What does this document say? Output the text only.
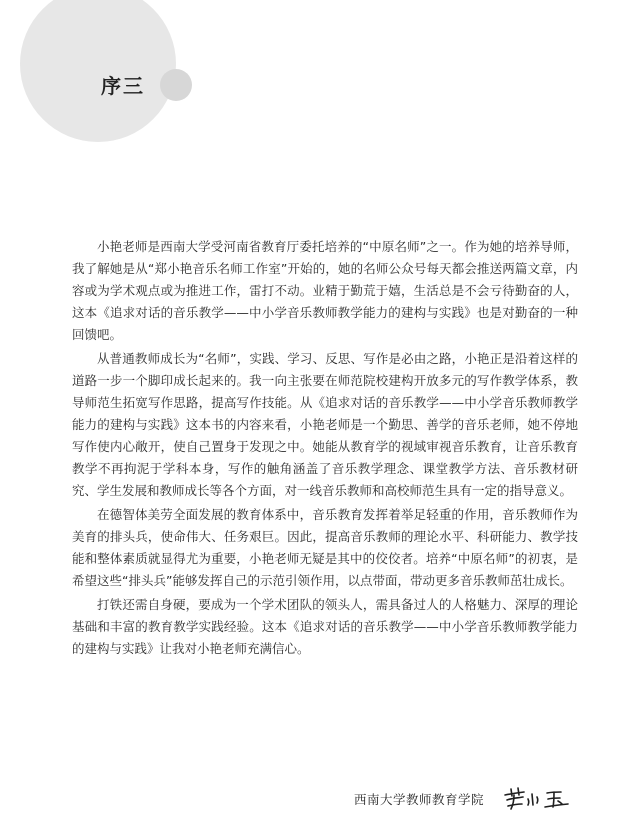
序三

小艳老师是西南大学受河南省教育厅委托培养的“中原名师”之一。作为她的培养导师，我了解她是从“郑小艳音乐名师工作室”开始的，她的名师公众号每天都会推送两篇文章，内容或为学术观点或为推进工作，雷打不动。业精于勤荒于嬉，生活总是不会亏待勤奋的人，这本《追求对话的音乐教学——中小学音乐教师教学能力的建构与实践》也是对勤奋的一种回馈吧。

从普通教师成长为“名师”，实践、学习、反思、写作是必由之路，小艳正是沿着这样的道路一步一个脚印成长起来的。我一向主张要在师范院校建构开放多元的写作教学体系，教导师范生拓宽写作思路，提高写作技能。从《追求对话的音乐教学——中小学音乐教师教学能力的建构与实践》这本书的内容来看，小艳老师是一个勤思、善学的音乐老师，她不停地写作使内心敞开，使自己置身于发现之中。她能从教育学的视域审视音乐教育，让音乐教育教学不再拘泥于学科本身，写作的触角涵盖了音乐教学理念、课堂教学方法、音乐教材研究、学生发展和教师成长等各个方面，对一线音乐教师和高校师范生具有一定的指导意义。

在德智体美劳全面发展的教育体系中，音乐教育发挥着举足轻重的作用，音乐教师作为美育的排头兵，使命伟大、任务艰巨。因此，提高音乐教师的理论水平、科研能力、教学技能和整体素质就显得尤为重要，小艳老师无疑是其中的佼佼者。培养“中原名师”的初衷，是希望这些“排头兵”能够发挥自己的示范引领作用，以点带面，带动更多音乐教师茁壮成长。

打铁还需自身硬，要成为一个学术团队的领头人，需具备过人的人格魅力、深厚的理论基础和丰富的教育教学实践经验。这本《追求对话的音乐教学——中小学音乐教师教学能力的建构与实践》让我对小艳老师充满信心。

西南大学教师教育学院
